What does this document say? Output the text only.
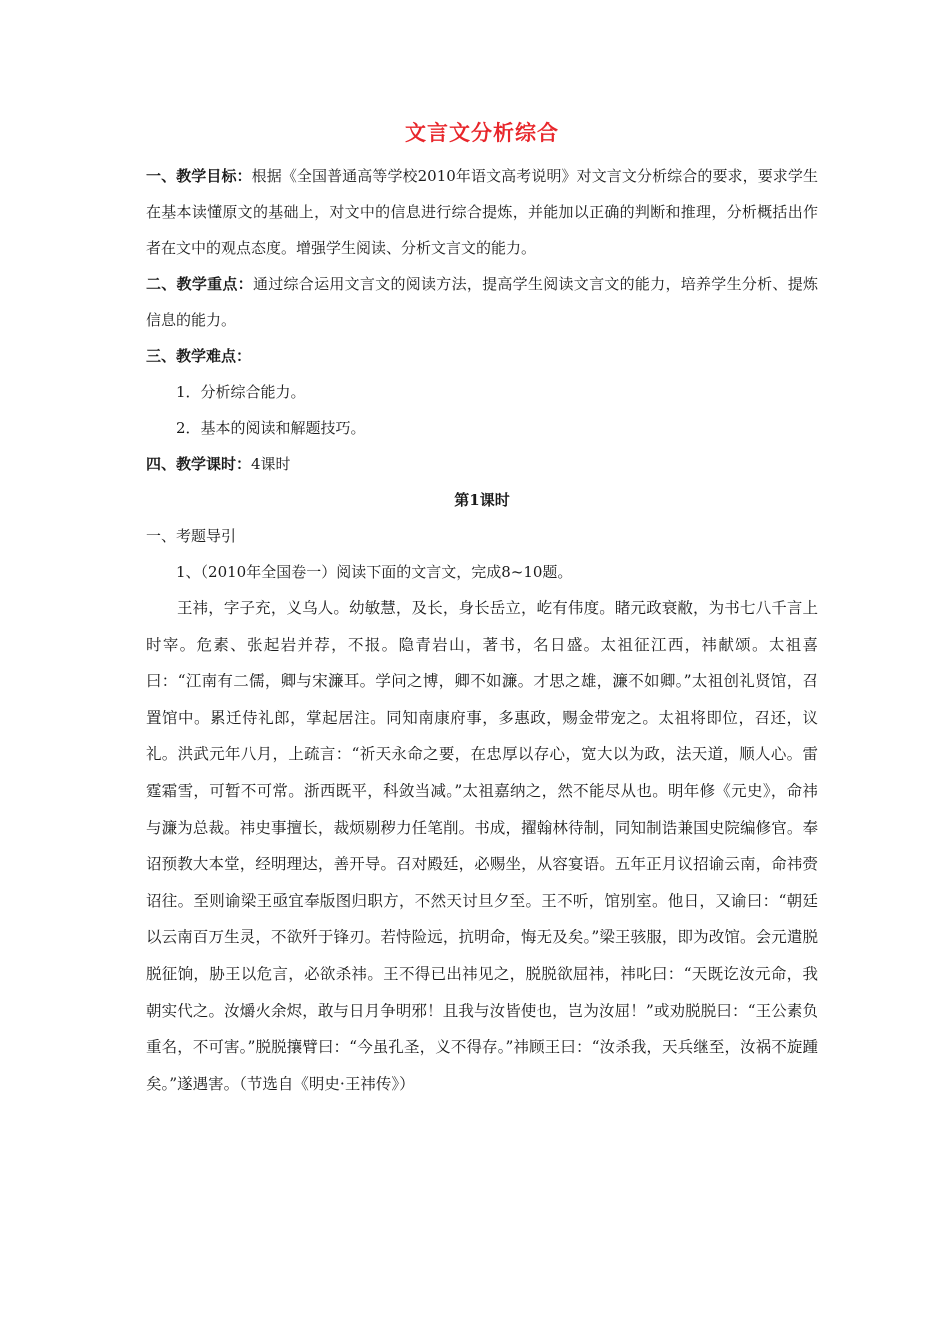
文言文分析综合

一、教学目标：根据《全国普通高等学校2010年语文高考说明》对文言文分析综合的要求，要求学生在基本读懂原文的基础上，对文中的信息进行综合提炼，并能加以正确的判断和推理，分析概括出作者在文中的观点态度。增强学生阅读、分析文言文的能力。

二、教学重点：通过综合运用文言文的阅读方法，提高学生阅读文言文的能力，培养学生分析、提炼信息的能力。

三、教学难点：

1．分析综合能力。

2．基本的阅读和解题技巧。

四、教学课时：4课时

第1课时

一、考题导引

1、（2010年全国卷一）阅读下面的文言文，完成8~10题。

王祎，字子充，义乌人。幼敏慧，及长，身长岳立，屹有伟度。睹元政衰敝，为书七八千言上时宰。危素、张起岩并荐，不报。隐青岩山，著书，名日盛。太祖征江西，祎献颂。太祖喜曰：“江南有二儒，卿与宋濂耳。学问之博，卿不如濂。才思之雄，濂不如卿。”太祖创礼贤馆，召置馆中。累迁侍礼郎，掌起居注。同知南康府事，多惠政，赐金带宠之。太祖将即位，召还，议礼。洪武元年八月，上疏言：“祈天永命之要，在忠厚以存心，宽大以为政，法天道，顺人心。雷霆霜雪，可暂不可常。浙西既平，科敛当减。”太祖嘉纳之，然不能尽从也。明年修《元史》，命祎与濂为总裁。祎史事擅长，裁烦剔秽力任笔削。书成，擢翰林待制，同知制诰兼国史院编修官。奉诏预教大本堂，经明理达，善开导。召对殿廷，必赐坐，从容宴语。五年正月议招谕云南，命祎赍诏往。至则谕梁王亟宜奉版图归职方，不然天讨旦夕至。王不听，馆别室。他日，又谕曰：“朝廷以云南百万生灵，不欲歼于锋刃。若恃险远，抗明命，悔无及矣。”梁王骇服，即为改馆。会元遣脱脱征饷，胁王以危言，必欲杀祎。王不得已出祎见之，脱脱欲屈祎，祎叱曰：“天既讫汝元命，我朝实代之。汝爝火余烬，敢与日月争明邪！且我与汝皆使也，岂为汝屈！”或劝脱脱曰：“王公素负重名，不可害。”脱脱攘臂曰：“今虽孔圣，义不得存。”祎顾王曰：“汝杀我，天兵继至，汝祸不旋踵矣。”遂遇害。（节选自《明史·王祎传》）
